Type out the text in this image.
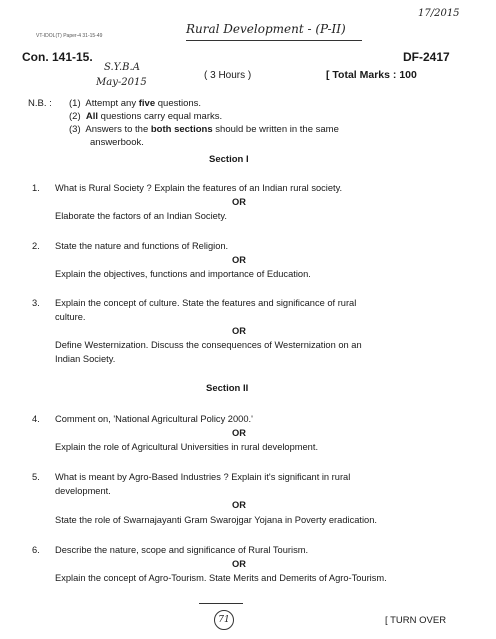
VT-IDOL(T) Paper-4 31-15-49	Rural Development - (P-II)
17/2015
Con. 141-15.	DF-2417
S.Y.B.A
May-2015
( 3 Hours )	[ Total Marks : 100
N.B. : (1) Attempt any five questions.
(2) All questions carry equal marks.
(3) Answers to the both sections should be written in the same
answerbook.
Section I
1. What is Rural Society ? Explain the features of an Indian rural society.
OR
Elaborate the factors of an Indian Society.
2. State the nature and functions of Religion.
OR
Explain the objectives, functions and importance of Education.
3. Explain the concept of culture. State the features and significance of rural
culture.
OR
Define Westernization. Discuss the consequences of Westernization on an
Indian Society.
Section II
4. Comment on, 'National Agricultural Policy 2000.'
OR
Explain the role of Agricultural Universities in rural development.
5. What is meant by Agro-Based Industries ? Explain it's significant in rural
development.
OR
State the role of Swarnajayanti Gram Swarojgar Yojana in Poverty eradication.
6. Describe the nature, scope and significance of Rural Tourism.
OR
Explain the concept of Agro-Tourism. State Merits and Demerits of Agro-Tourism.
71	[ TURN OVER
